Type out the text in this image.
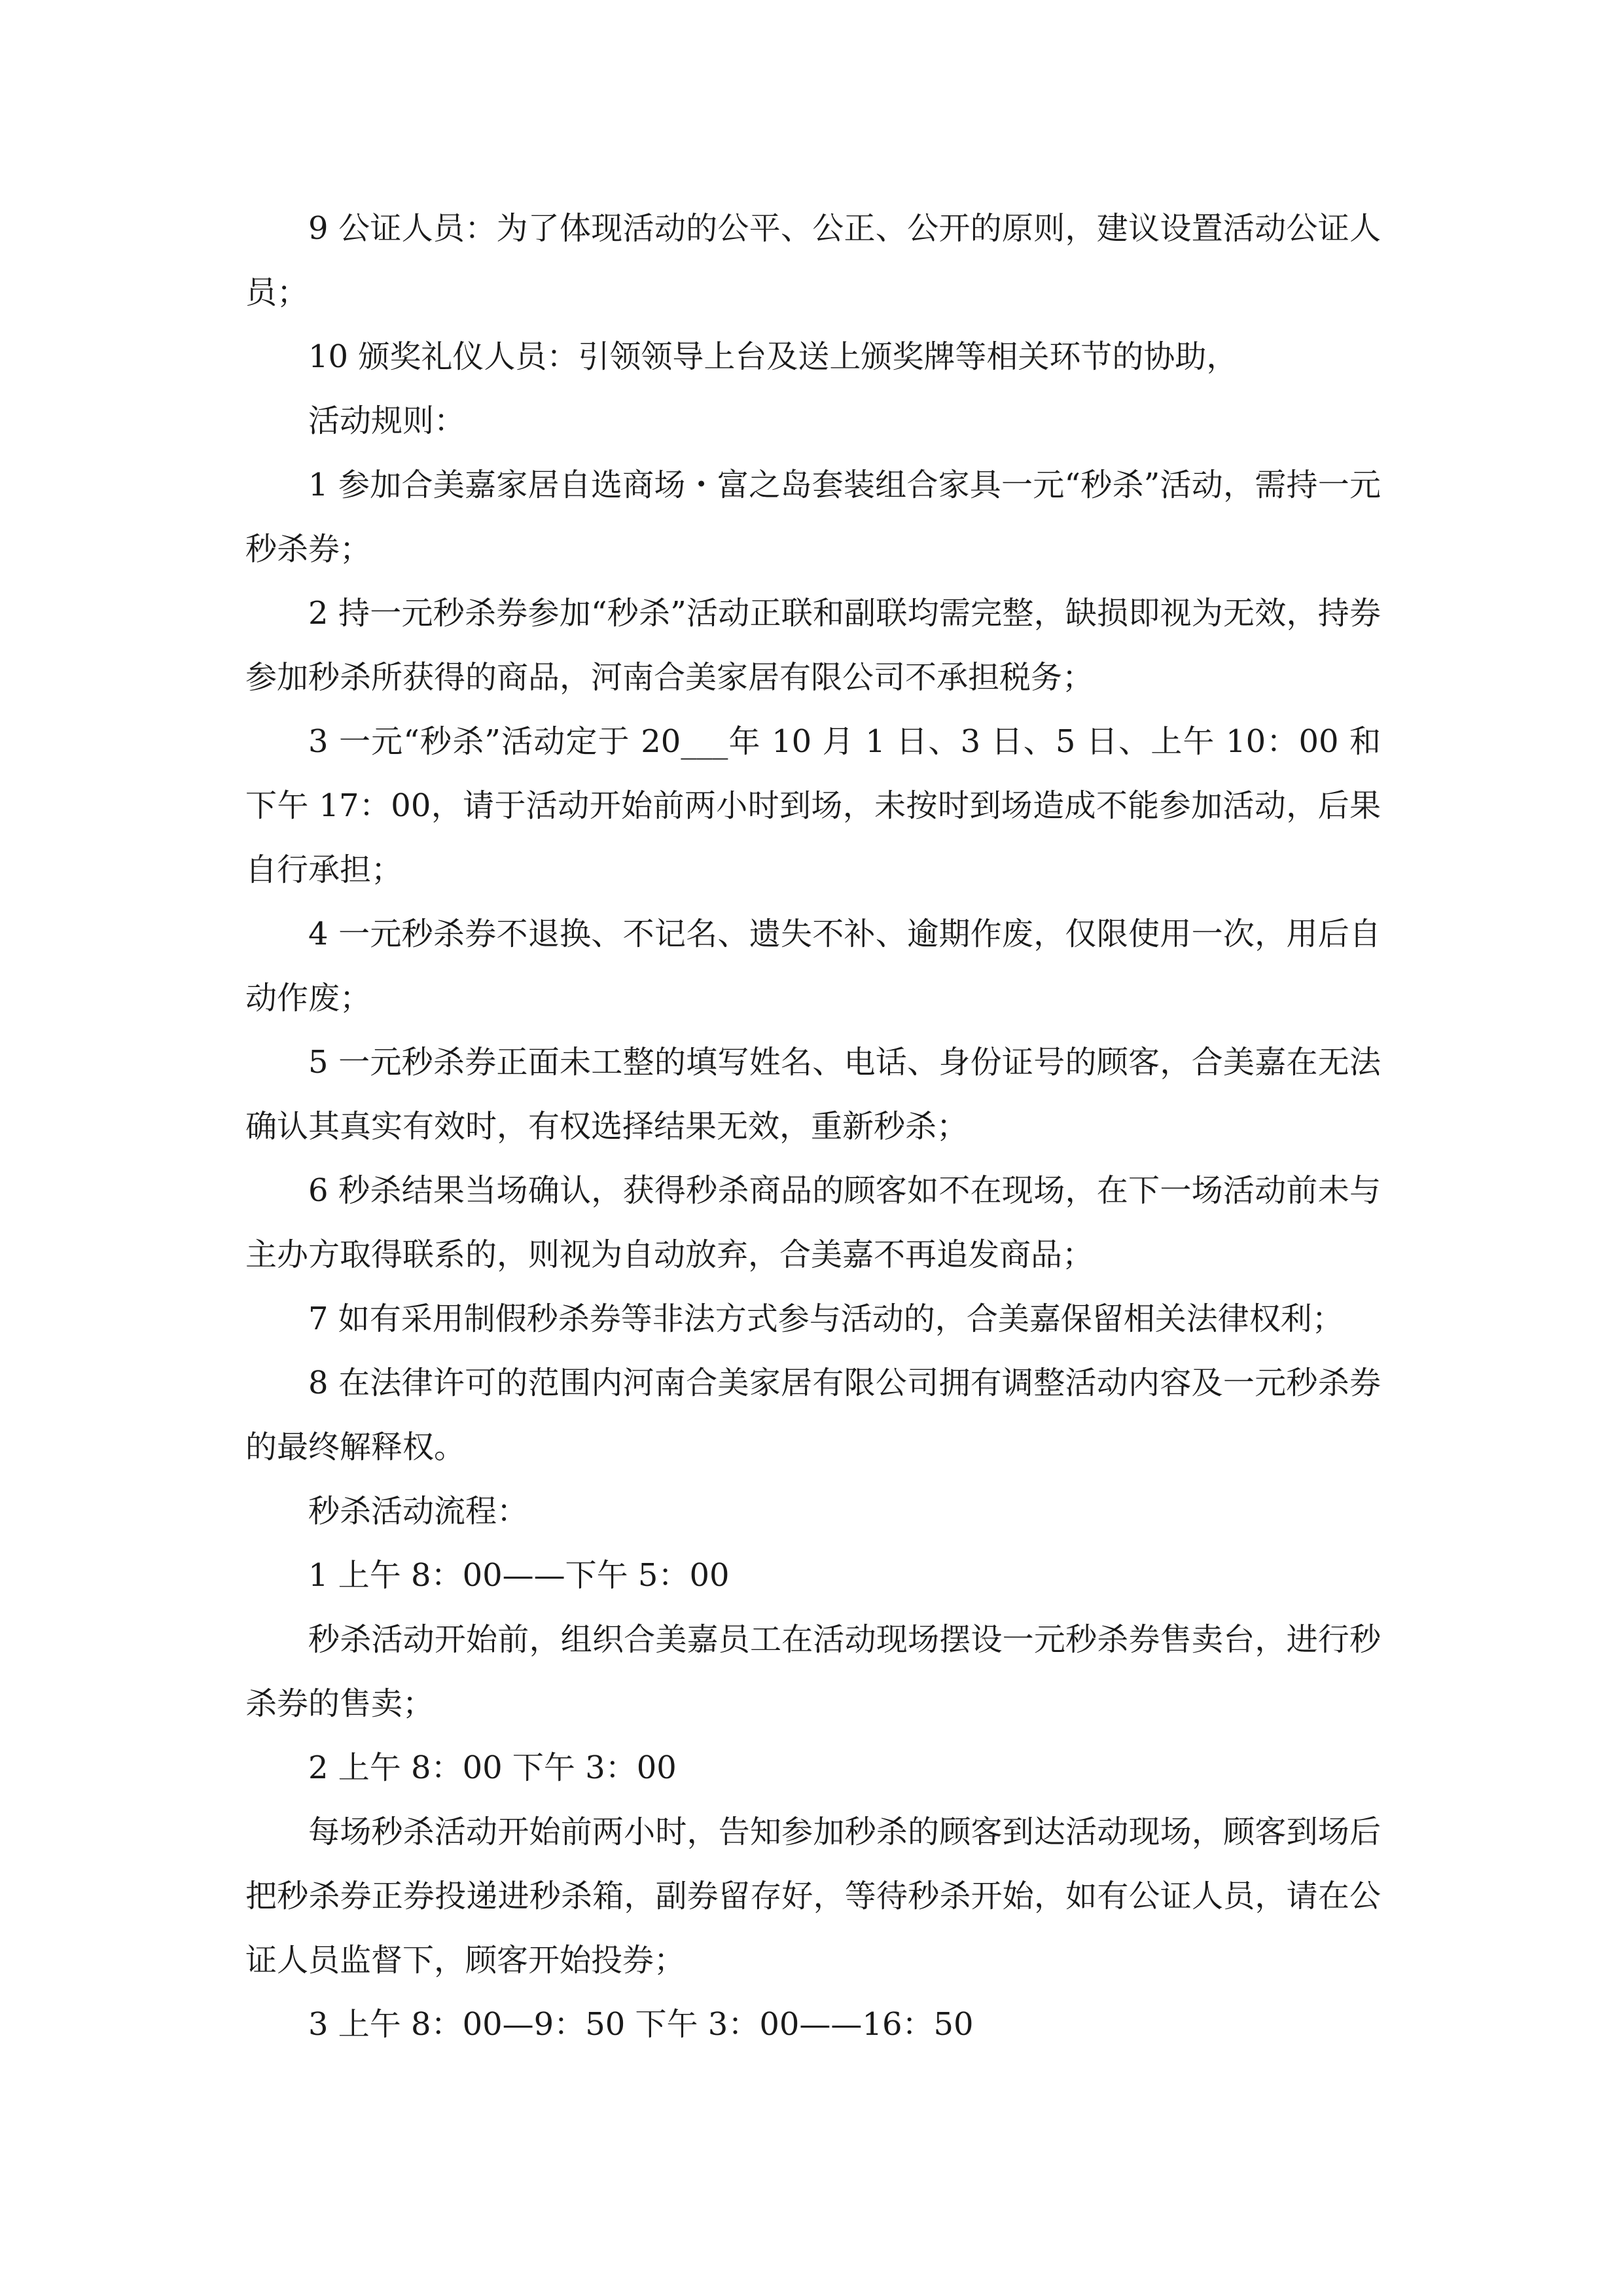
9 公证人员：为了体现活动的公平、公正、公开的原则，建议设置活动公证人员；

10 颁奖礼仪人员：引领领导上台及送上颁奖牌等相关环节的协助，

活动规则：

1 参加合美嘉家居自选商场・富之岛套装组合家具一元“秒杀”活动，需持一元秒杀券；

2 持一元秒杀券参加“秒杀”活动正联和副联均需完整，缺损即视为无效，持券参加秒杀所获得的商品，河南合美家居有限公司不承担税务；

3 一元“秒杀”活动定于 20___年 10 月 1 日、3 日、5 日、上午 10：00 和下午 17：00，请于活动开始前两小时到场，未按时到场造成不能参加活动，后果自行承担；

4 一元秒杀券不退换、不记名、遗失不补、逾期作废，仅限使用一次，用后自动作废；

5 一元秒杀券正面未工整的填写姓名、电话、身份证号的顾客，合美嘉在无法确认其真实有效时，有权选择结果无效，重新秒杀；

6 秒杀结果当场确认，获得秒杀商品的顾客如不在现场，在下一场活动前未与主办方取得联系的，则视为自动放弃，合美嘉不再追发商品；

7 如有采用制假秒杀券等非法方式参与活动的，合美嘉保留相关法律权利；

8 在法律许可的范围内河南合美家居有限公司拥有调整活动内容及一元秒杀券的最终解释权。

秒杀活动流程：

1 上午 8：00——下午 5：00

秒杀活动开始前，组织合美嘉员工在活动现场摆设一元秒杀券售卖台，进行秒杀券的售卖；

2 上午 8：00 下午 3：00

每场秒杀活动开始前两小时，告知参加秒杀的顾客到达活动现场，顾客到场后把秒杀券正券投递进秒杀箱，副券留存好，等待秒杀开始，如有公证人员，请在公证人员监督下，顾客开始投券；

3 上午 8：00—9：50 下午 3：00——16：50
